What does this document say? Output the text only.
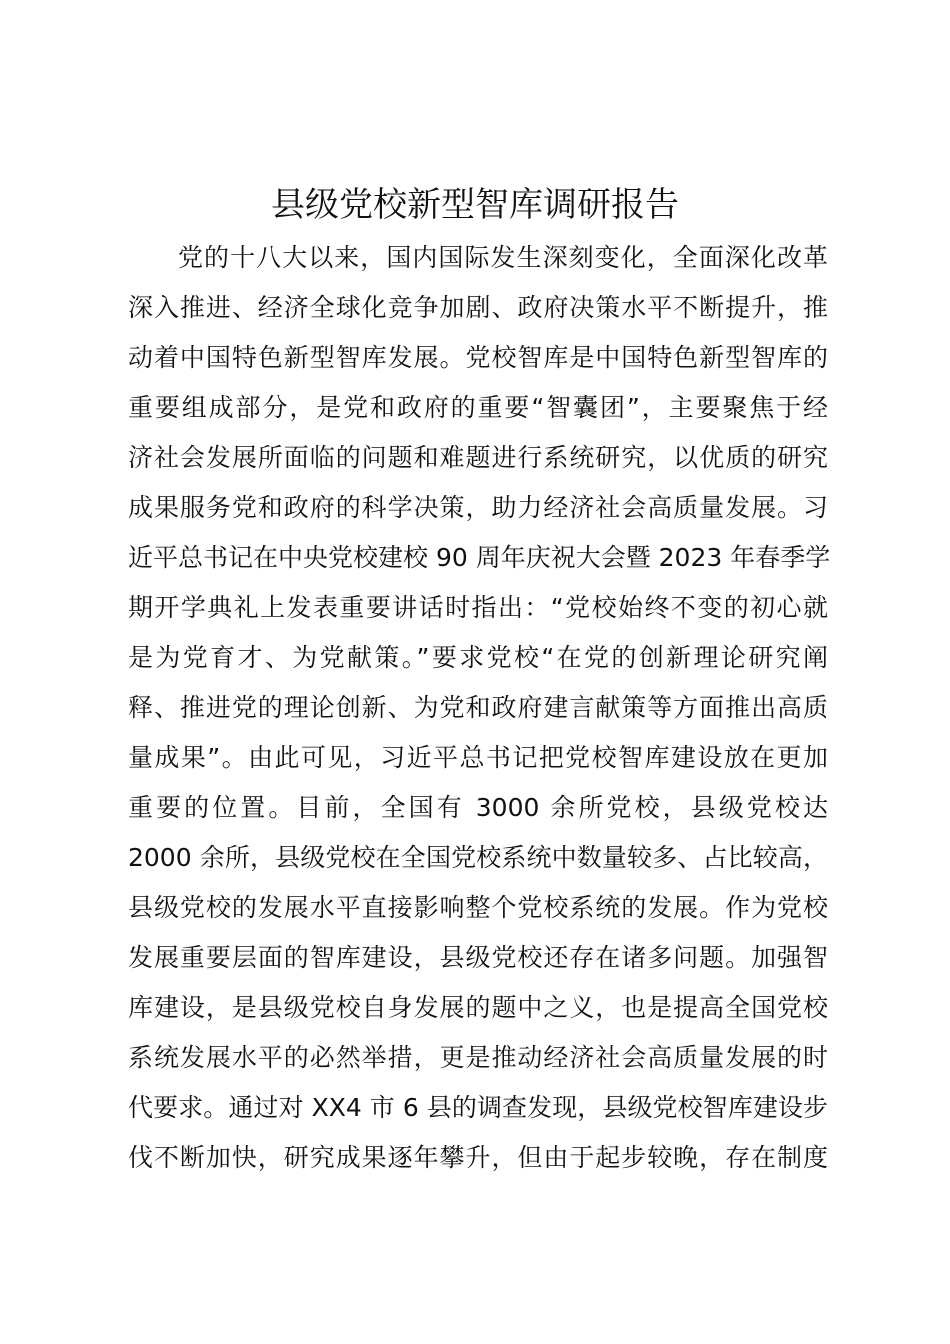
县级党校新型智库调研报告
党的十八大以来，国内国际发生深刻变化，全面深化改革
深入推进、经济全球化竞争加剧、政府决策水平不断提升，推
动着中国特色新型智库发展。党校智库是中国特色新型智库的
重要组成部分，是党和政府的重要“智囊团”，主要聚焦于经
济社会发展所面临的问题和难题进行系统研究，以优质的研究
成果服务党和政府的科学决策，助力经济社会高质量发展。习
近平总书记在中央党校建校 90 周年庆祝大会暨 2023 年春季学
期开学典礼上发表重要讲话时指出：“党校始终不变的初心就
是为党育才、为党献策。”要求党校“在党的创新理论研究阐
释、推进党的理论创新、为党和政府建言献策等方面推出高质
量成果”。由此可见，习近平总书记把党校智库建设放在更加
重要的位置。目前，全国有 3000 余所党校，县级党校达
2000 余所，县级党校在全国党校系统中数量较多、占比较高，
县级党校的发展水平直接影响整个党校系统的发展。作为党校
发展重要层面的智库建设，县级党校还存在诸多问题。加强智
库建设，是县级党校自身发展的题中之义，也是提高全国党校
系统发展水平的必然举措，更是推动经济社会高质量发展的时
代要求。通过对 XX4 市 6 县的调查发现，县级党校智库建设步
伐不断加快，研究成果逐年攀升，但由于起步较晚，存在制度
